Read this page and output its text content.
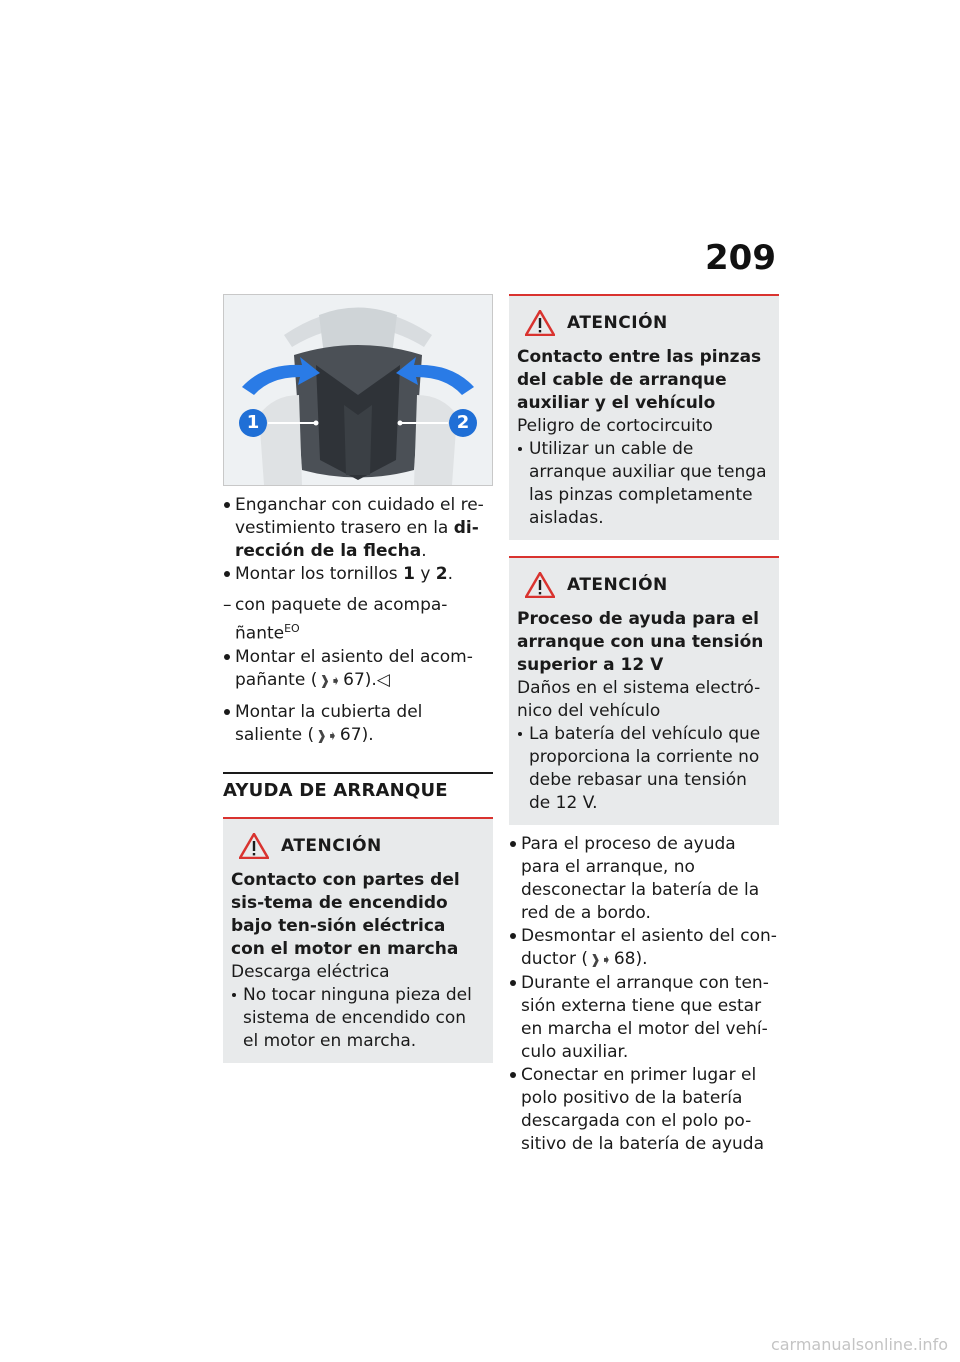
209
1	2
Enganchar con cuidado el re-vestimiento trasero en la di-rección de la flecha.
Montar los tornillos 1 y 2.
– con paquete de acompa-ñante$^{EO}$
Montar el asiento del acom-pañante ( ❱➧ 67).◁
Montar la cubierta del saliente ( ❱➧ 67).
AYUDA DE ARRANQUE
ATENCIÓN
Contacto con partes del sis-tema de encendido bajo ten-sión eléctrica con el motor en marcha
Descarga eléctrica
No tocar ninguna pieza del sistema de encendido con el motor en marcha.
ATENCIÓN
Contacto entre las pinzas del cable de arranque auxiliar y el vehículo
Peligro de cortocircuito
Utilizar un cable de arranque auxiliar que tenga las pinzas completamente aisladas.
ATENCIÓN
Proceso de ayuda para el arranque con una tensión superior a 12 V
Daños en el sistema electró-nico del vehículo
La batería del vehículo que proporciona la corriente no debe rebasar una tensión de 12 V.
Para el proceso de ayuda para el arranque, no desconectar la batería de la red de a bordo.
Desmontar el asiento del con-ductor ( ❱➧ 68).
Durante el arranque con ten-sión externa tiene que estar en marcha el motor del vehí-culo auxiliar.
Conectar en primer lugar el polo positivo de la batería descargada con el polo po-sitivo de la batería de ayuda
carmanualsonline.info
